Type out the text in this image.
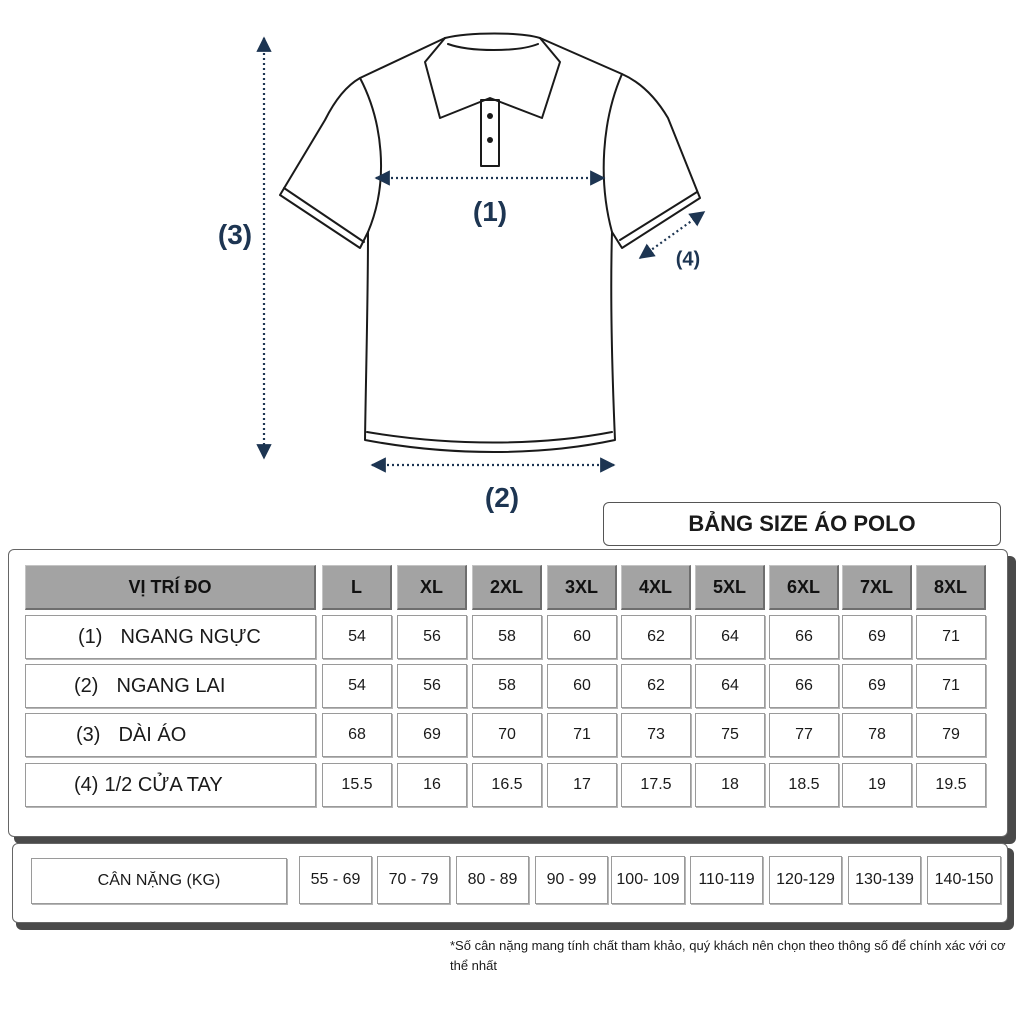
(1)
(2)
(3)
(4)
BẢNG SIZE ÁO POLO
VỊ TRÍ ĐO	L	XL	2XL	3XL	4XL	5XL	6XL	7XL	8XL
(1) NGANG NGỰC	54	56	58	60	62	64	66	69	71
(2) NGANG LAI	54	56	58	60	62	64	66	69	71
(3) DÀI ÁO	68	69	70	71	73	75	77	78	79
(4) 1/2 CỬA TAY	15.5	16	16.5	17	17.5	18	18.5	19	19.5
CÂN NẶNG (KG)	55 - 69	70 - 79	80 - 89	90 - 99	100- 109	110-119	120-129	130-139	140-150
*Số cân nặng mang tính chất tham khảo, quý khách nên chọn theo thông số để chính xác với cơ thể nhất
